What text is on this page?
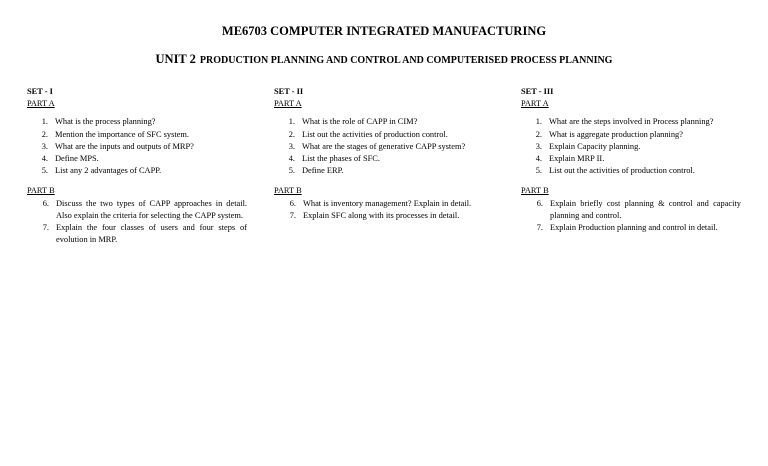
ME6703 COMPUTER INTEGRATED MANUFACTURING
UNIT 2 PRODUCTION PLANNING AND CONTROL AND COMPUTERISED PROCESS PLANNING
SET - I
PART A
1. What is the process planning?
2. Mention the importance of SFC system.
3. What are the inputs and outputs of MRP?
4. Define MPS.
5. List any 2 advantages of CAPP.
PART B
6. Discuss the two types of CAPP approaches in detail. Also explain the criteria for selecting the CAPP system.
7. Explain the four classes of users and four steps of evolution in MRP.
SET - II
PART A
1. What is the role of CAPP in CIM?
2. List out the activities of production control.
3. What are the stages of generative CAPP system?
4. List the phases of SFC.
5. Define ERP.
PART B
6. What is inventory management? Explain in detail.
7. Explain SFC along with its processes in detail.
SET - III
PART A
1. What are the steps involved in Process planning?
2. What is aggregate production planning?
3. Explain Capacity planning.
4. Explain MRP II.
5. List out the activities of production control.
PART B
6. Explain briefly cost planning & control and capacity planning and control.
7. Explain Production planning and control in detail.
